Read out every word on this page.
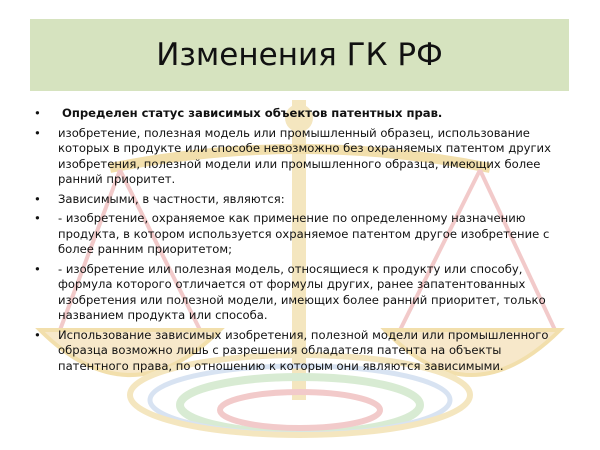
Изменения ГК РФ
• Определен статус зависимых объектов патентных прав.
• изобретение, полезная модель или промышленный образец, использование которых в продукте или способе невозможно без охраняемых патентом других изобретения, полезной модели или промышленного образца, имеющих более ранний приоритет.
• Зависимыми, в частности, являются:
• - изобретение, охраняемое как применение по определенному назначению продукта, в котором используется охраняемое патентом другое изобретение с более ранним приоритетом;
• - изобретение или полезная модель, относящиеся к продукту или способу, формула которого отличается от формулы других, ранее запатентованных изобретения или полезной модели, имеющих более ранний приоритет, только названием продукта или способа.
• Использование зависимых изобретения, полезной модели или промышленного образца возможно лишь с разрешения обладателя патента на объекты патентного права, по отношению к которым они являются зависимыми.
